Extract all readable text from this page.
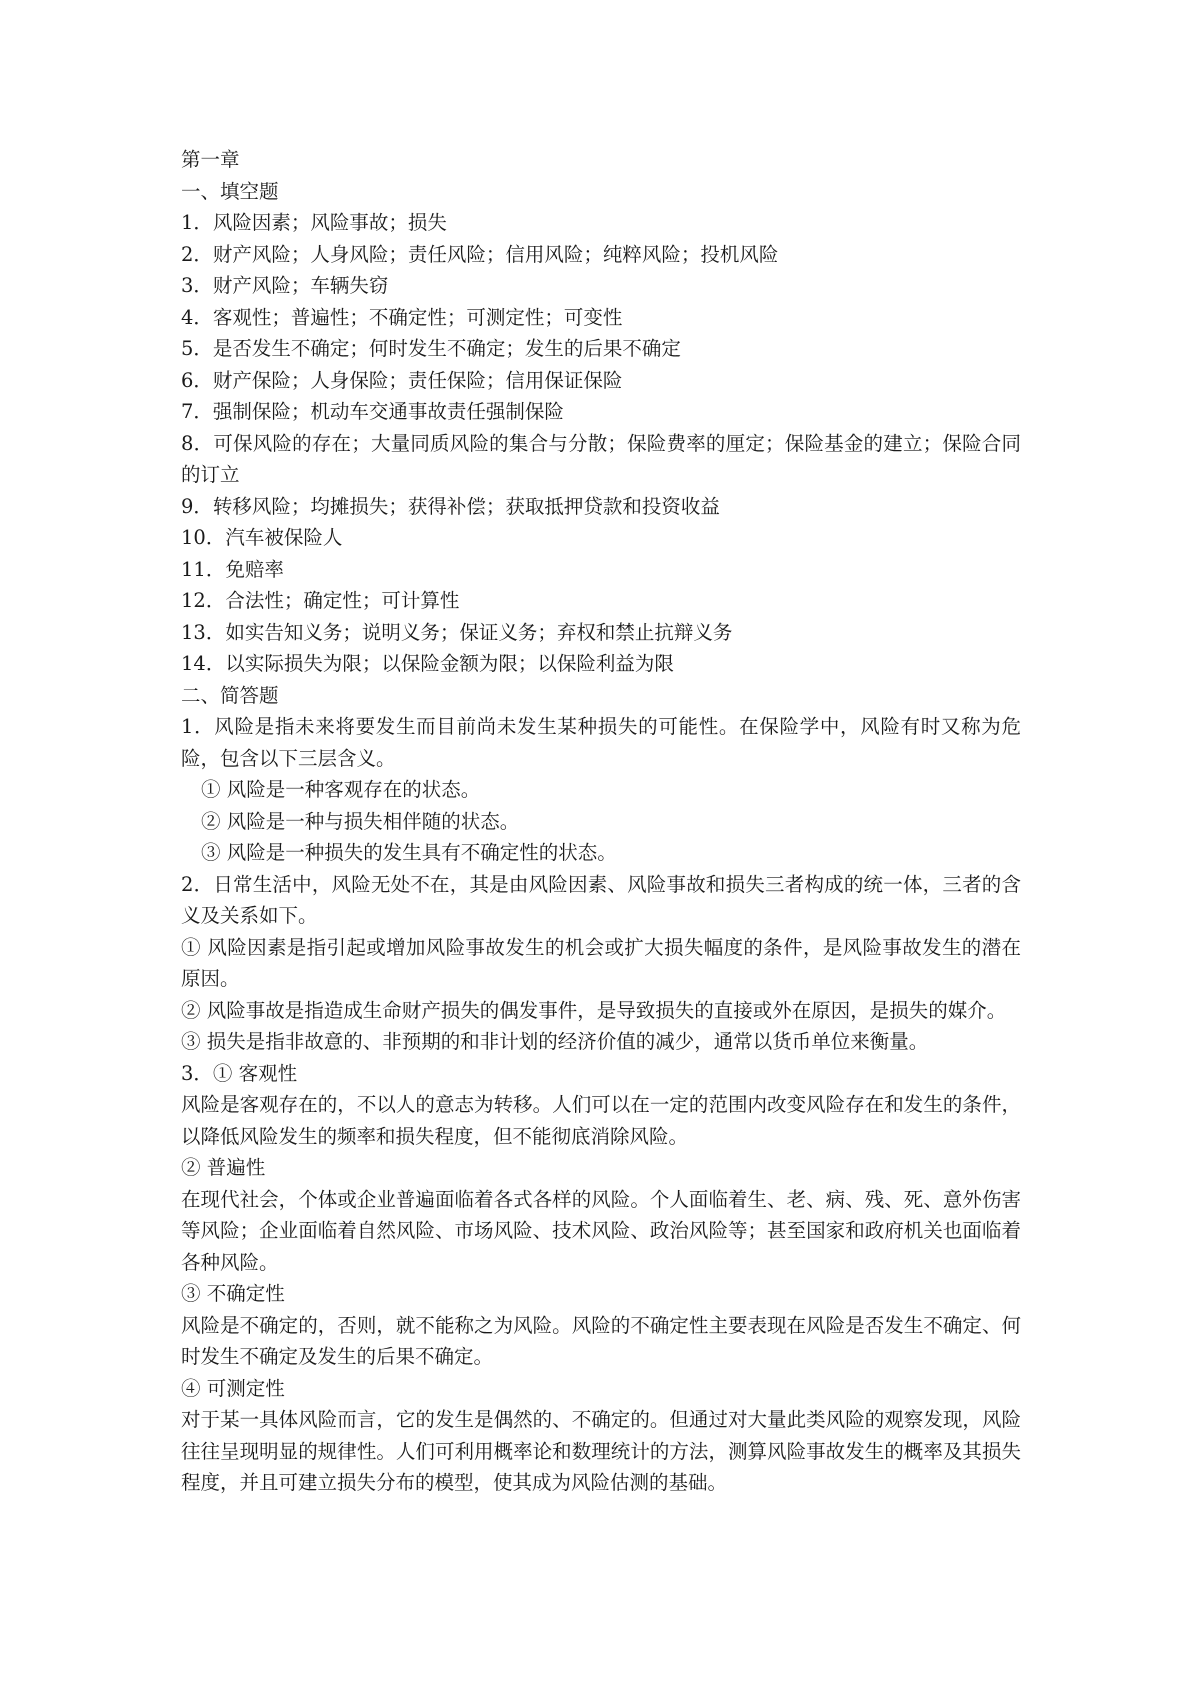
第一章

一、填空题

1．风险因素；风险事故；损失

2．财产风险；人身风险；责任风险；信用风险；纯粹风险；投机风险

3．财产风险；车辆失窃

4．客观性；普遍性；不确定性；可测定性；可变性

5．是否发生不确定；何时发生不确定；发生的后果不确定

6．财产保险；人身保险；责任保险；信用保证保险

7．强制保险；机动车交通事故责任强制保险

8．可保风险的存在；大量同质风险的集合与分散；保险费率的厘定；保险基金的建立；保险合同的订立

9．转移风险；均摊损失；获得补偿；获取抵押贷款和投资收益

10．汽车被保险人

11．免赔率

12．合法性；确定性；可计算性

13．如实告知义务；说明义务；保证义务；弃权和禁止抗辩义务

14．以实际损失为限；以保险金额为限；以保险利益为限

二、简答题

1．风险是指未来将要发生而目前尚未发生某种损失的可能性。在保险学中，风险有时又称为危险，包含以下三层含义。

① 风险是一种客观存在的状态。

② 风险是一种与损失相伴随的状态。

③ 风险是一种损失的发生具有不确定性的状态。

2．日常生活中，风险无处不在，其是由风险因素、风险事故和损失三者构成的统一体，三者的含义及关系如下。

① 风险因素是指引起或增加风险事故发生的机会或扩大损失幅度的条件，是风险事故发生的潜在原因。

② 风险事故是指造成生命财产损失的偶发事件，是导致损失的直接或外在原因，是损失的媒介。

③ 损失是指非故意的、非预期的和非计划的经济价值的减少，通常以货币单位来衡量。

3．① 客观性

风险是客观存在的，不以人的意志为转移。人们可以在一定的范围内改变风险存在和发生的条件，以降低风险发生的频率和损失程度，但不能彻底消除风险。

② 普遍性

在现代社会，个体或企业普遍面临着各式各样的风险。个人面临着生、老、病、残、死、意外伤害等风险；企业面临着自然风险、市场风险、技术风险、政治风险等；甚至国家和政府机关也面临着各种风险。

③ 不确定性

风险是不确定的，否则，就不能称之为风险。风险的不确定性主要表现在风险是否发生不确定、何时发生不确定及发生的后果不确定。

④ 可测定性

对于某一具体风险而言，它的发生是偶然的、不确定的。但通过对大量此类风险的观察发现，风险往往呈现明显的规律性。人们可利用概率论和数理统计的方法，测算风险事故发生的概率及其损失程度，并且可建立损失分布的模型，使其成为风险估测的基础。
